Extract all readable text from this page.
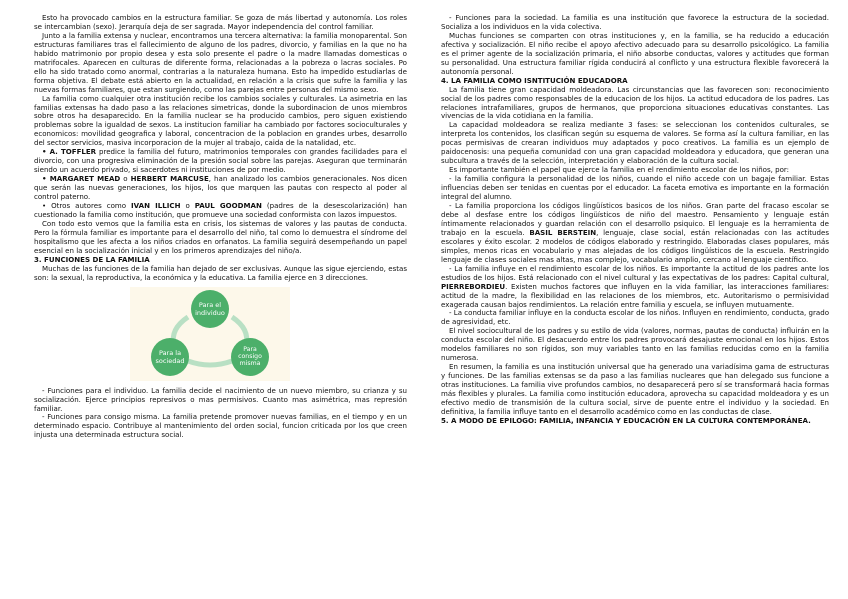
Esto ha provocado cambios en la estructura familiar. Se goza de más libertad y autonomía. Los roles se intercambian (sexo). Jerarquía deja de ser sagrada. Mayor independencia del control familiar.

Junto a la familia extensa y nuclear, encontramos una tercera alternativa: la familia monoparental. Son estructuras familiares tras el fallecimiento de alguno de los padres, divorcio, y familias en la que no ha habido matrimonio por propio desea y esta solo presente el padre o la madre llamadas domesticas o matrifocales. Aparecen en culturas de diferente forma, relacionadas a la pobreza o lacras sociales. Po ello ha sido tratado como anormal, contrarias a la naturaleza humana. Esto ha impedido estudiarlas de forma objetiva. El debate está abierto en la actualidad, en relación a la crisis que sufre la familia y las nuevas formas familiares, que estan surgiendo, como las parejas entre personas del mismo sexo.

La familia como cualquier otra institución recibe los cambios sociales y culturales. La asimetria en las familias extensas ha dado paso a las relaciones simetricas, donde la subordinacion de unos miembros sobre otros ha desaparecido. En la familia nuclear se ha producido cambios, pero siguen existiendo problemas sobre la igualdad de sexos. La institucion familiar ha cambiado por factores socioculturales y economicos: movilidad geografica y laboral, concentracion de la poblacion en grandes urbes, desarrollo del sector servicios, masiva incorporacion de la mujer al trabajo, caida de la natalidad, etc.

• A. TOFFLER predice la familia del futuro, matrimonios temporales con grandes facilidades para el divorcio, con una progresiva eliminación de la presión social sobre las parejas. Aseguran que terminarán siendo un acuerdo privado, si sacerdotes ni instituciones de por medio.

• MARGARET MEAD o HERBERT MARCUSE, han analizado los cambios generacionales. Nos dicen que serán las nuevas generaciones, los hijos, los que marquen las pautas con respecto al poder al control paterno.

• Otros autores como IVAN ILLICH o PAUL GOODMAN (padres de la desescolarización) han cuestionado la familia como institución, que promueve una sociedad conformista con lazos impuestos.

Con todo esto vemos que la familia esta en crisis, los sistemas de valores y las pautas de conducta. Pero la fórmula familiar es importante para el desarrollo del niño, tal como lo demuestra el síndrome del hospitalismo que les afecta a los niños criados en orfanatos. La familia seguirá desempeñando un papel esencial en la socialización inicial y en los primeros aprendizajes del niño/a.

3. FUNCIONES DE LA FAMILIA

Muchas de las funciones de la familia han dejado de ser exclusivas. Aunque las sigue ejerciendo, estas son: la sexual, la reproductiva, la económica y la educativa. La familia ejerce en 3 direcciones.

Para el
individuo
Para la
sociedad
Para
consigo
misma

- Funciones para el individuo. La familia decide el nacimiento de un nuevo miembro, su crianza y su socialización. Ejerce principios represivos o mas permisivos. Cuanto mas asimétrica, mas represión familiar.

- Funciones para consigo misma. La familia pretende promover nuevas familias, en el tiempo y en un determinado espacio. Contribuye al mantenimiento del orden social, funcion criticada por los que creen injusta una determinada estructura social.

- Funciones para la sociedad. La familia es una institución que favorece la estructura de la sociedad. Socializa a los individuos en la vida colectiva.

Muchas funciones se comparten con otras instituciones y, en la familia, se ha reducido a educación afectiva y socialización. El niño recibe el apoyo afectivo adecuado para su desarrollo psicológico. La familia es el primer agente de la socialización primaria, el niño absorbe conductas, valores y actitudes que forman su personalidad. Una estructura familiar rígida conducirá al conflicto y una estructura flexible favorecerá la autonomía personal.

4. LA FAMILIA COMO ISNTITUCIÓN EDUCADORA

La familia tiene gran capacidad moldeadora. Las circunstancias que las favorecen son: reconocimiento social de los padres como responsables de la educacion de los hijos. La actitud educadora de los padres. Las relaciones intrafamiliares, grupos de hermanos, que proporciona situaciones educativas constantes. Las vivencias de la vida cotidiana en la familia.

La capacidad moldeadora se realiza mediante 3 fases: se seleccionan los contenidos culturales, se interpreta los contenidos, los clasifican según su esquema de valores. Se forma así la cultura familiar, en las pocas permisivas de crearan individuos muy adaptados y poco creativos. La familia es un ejemplo de paidocenosis: una pequeña comunidad con una gran capacidad moldeadora y educadora, que generan una subcultura a través de la selección, interpretación y elaboración de la cultura social.

Es importante también el papel que ejerce la familia en el rendimiento escolar de los niños, por:

- la familia configura la personalidad de los niños, cuando el niño accede con un bagaje familiar. Estas influencias deben ser tenidas en cuentas por el educador. La faceta emotiva es importante en la formación integral del alumno.

- La familia proporciona los códigos lingüísticos basicos de los niños. Gran parte del fracaso escolar se debe al desfase entre los códigos lingüísticos de niño del maestro. Pensamiento y lenguaje están íntimamente relacionados y guardan relación con el desarrollo psiquico. El lenguaje es la herramienta de trabajo en la escuela. BASIL BERSTEIN, lenguaje, clase social, están relacionadas con las actitudes escolares y éxito escolar. 2 modelos de códigos elaborado y restringido. Elaboradas clases populares, más simples, menos ricas en vocabulario y mas alejadas de los códigos lingüísticos de la escuela. Restringido lenguaje de clases sociales mas altas, mas complejo, vocabulario amplio, cercano al lenguaje científico.

- La familia influye en el rendimiento escolar de los niños. Es importante la actitud de los padres ante los estudios de los hijos. Está relacionado con el nivel cultural y las expectativas de los padres: Capital cultural, PIERREBORDIEU. Existen muchos factores que influyen en la vida familiar, las interacciones familiares: actitud de la madre, la flexibilidad en las relaciones de los miembros, etc. Autoritarismo o permisividad exagerada causan bajos rendimientos. La relación entre familia y escuela, se influyen mutuamente.

- La conducta familiar influye en la conducta escolar de los niños. Influyen en rendimiento, conducta, grado de agresividad, etc.

El nivel sociocultural de los padres y su estilo de vida (valores, normas, pautas de conducta) influirán en la conducta escolar del niño. El desacuerdo entre los padres provocará desajuste emocional en los hijos. Estos modelos familiares no son rígidos, son muy variables tanto en las familias reducidas como en la familia numerosa.

En resumen, la familia es una institución universal que ha generado una variadísima gama de estructuras y funciones. De las familias extensas se da paso a las familias nucleares que han delegado sus funcione a otras instituciones. La familia vive profundos cambios, no desaparecerá pero sí se transformará hacia formas más flexibles y plurales. La familia como institución educadora, aprovecha su capacidad moldeadora y es un efectivo medio de transmisión de la cultura social, sirve de puente entre el individuo y la sociedad. En definitiva, la familia influye tanto en el desarrollo académico como en las conductas de clase.

5. A MODO DE EPILOGO: FAMILIA, INFANCIA Y EDUCACIÓN EN LA CULTURA CONTEMPORÁNEA.
